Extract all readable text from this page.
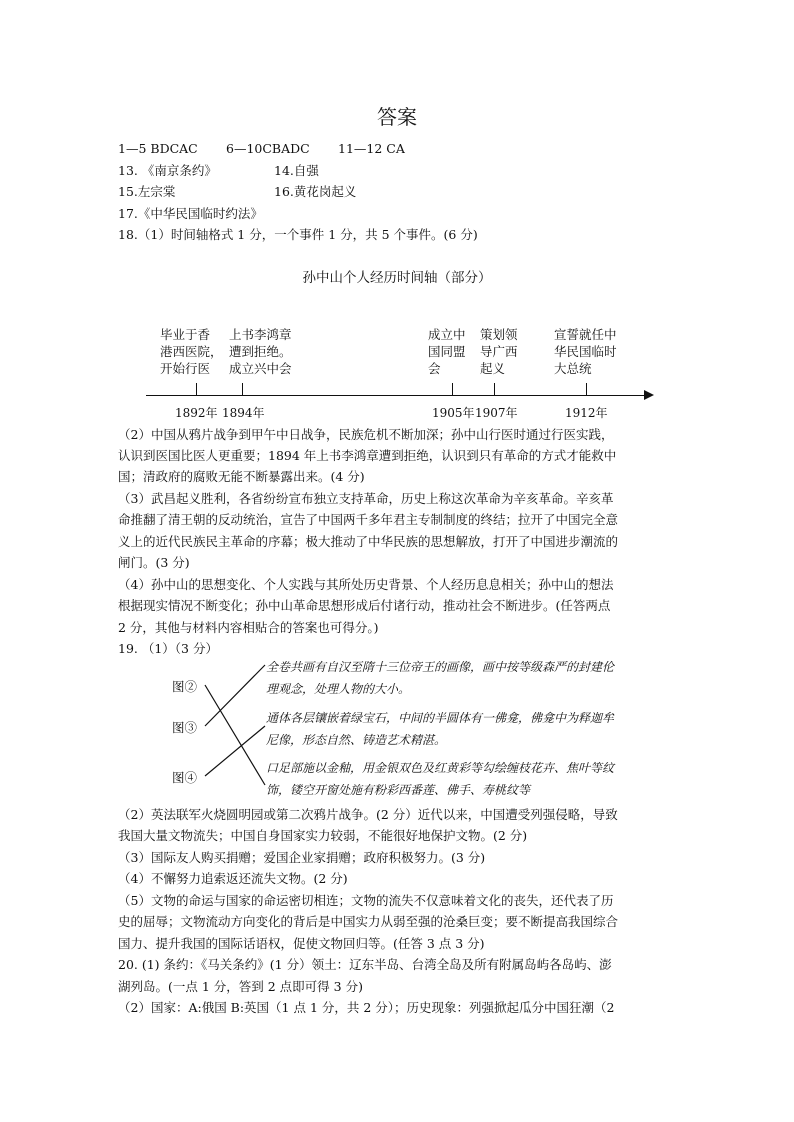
答案
1—5 BDCAC 6—10CBADC 11—12 CA
13. 《南京条约》	14.自强
15.左宗棠	16.黄花岗起义
17.《中华民国临时约法》
18.（1）时间轴格式 1 分，一个事件 1 分，共 5 个事件。(6 分)
孙中山个人经历时间轴（部分）
毕业于香
港西医院，
开始行医
上书李鸿章
遭到拒绝。
成立兴中会
成立中
国同盟
会
策划领
导广西
起义
宣誓就任中
华民国临时
大总统
1892年 1894年	1905年 1907年	1912年
（2）中国从鸦片战争到甲午中日战争，民族危机不断加深；孙中山行医时通过行医实践，
认识到医国比医人更重要；1894 年上书李鸿章遭到拒绝，认识到只有革命的方式才能救中
国；清政府的腐败无能不断暴露出来。(4 分)
（3）武昌起义胜利，各省纷纷宣布独立支持革命，历史上称这次革命为辛亥革命。辛亥革
命推翻了清王朝的反动统治，宣告了中国两千多年君主专制制度的终结；拉开了中国完全意
义上的近代民族民主革命的序幕；极大推动了中华民族的思想解放，打开了中国进步潮流的
闸门。(3 分)
（4）孙中山的思想变化、个人实践与其所处历史背景、个人经历息息相关；孙中山的想法
根据现实情况不断变化；孙中山革命思想形成后付诸行动，推动社会不断进步。(任答两点
2 分，其他与材料内容相贴合的答案也可得分。)
19. （1）（3 分）
图②
图③
图④
全卷共画有自汉至隋十三位帝王的画像，画中按等级森严的封建伦
理观念，处理人物的大小。
通体各层镶嵌着绿宝石，中间的半圆体有一佛龛，佛龛中为释迦牟
尼像，形态自然、铸造艺术精湛。
口足部施以金釉，用金银双色及红黄彩等勾绘缠枝花卉、焦叶等纹
饰，镂空开窗处施有粉彩西番莲、佛手、寿桃纹等
（2）英法联军火烧圆明园或第二次鸦片战争。(2 分）近代以来，中国遭受列强侵略，导致
我国大量文物流失；中国自身国家实力较弱，不能很好地保护文物。(2 分)
（3）国际友人购买捐赠；爱国企业家捐赠；政府积极努力。(3 分)
（4）不懈努力追索返还流失文物。(2 分)
（5）文物的命运与国家的命运密切相连；文物的流失不仅意味着文化的丧失，还代表了历
史的屈辱；文物流动方向变化的背后是中国实力从弱至强的沧桑巨变；要不断提高我国综合
国力、提升我国的国际话语权，促使文物回归等。(任答 3 点 3 分)
20. (1) 条约：《马关条约》(1 分）领土：辽东半岛、台湾全岛及所有附属岛屿各岛屿、澎
湖列岛。(一点 1 分，答到 2 点即可得 3 分)
（2）国家：A:俄国 B:英国（1 点 1 分，共 2 分）；历史现象：列强掀起瓜分中国狂潮（2
